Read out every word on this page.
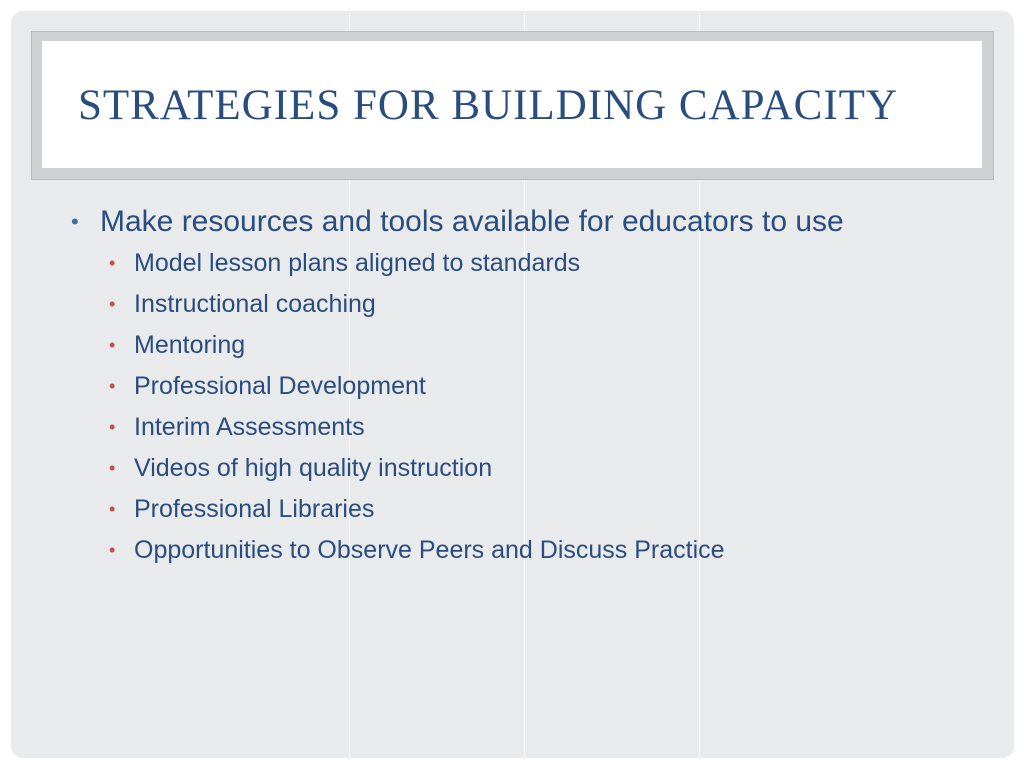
STRATEGIES FOR BUILDING CAPACITY
• Make resources and tools available for educators to use
• Model lesson plans aligned to standards
• Instructional coaching
• Mentoring
• Professional Development
• Interim Assessments
• Videos of high quality instruction
• Professional Libraries
• Opportunities to Observe Peers and Discuss Practice
